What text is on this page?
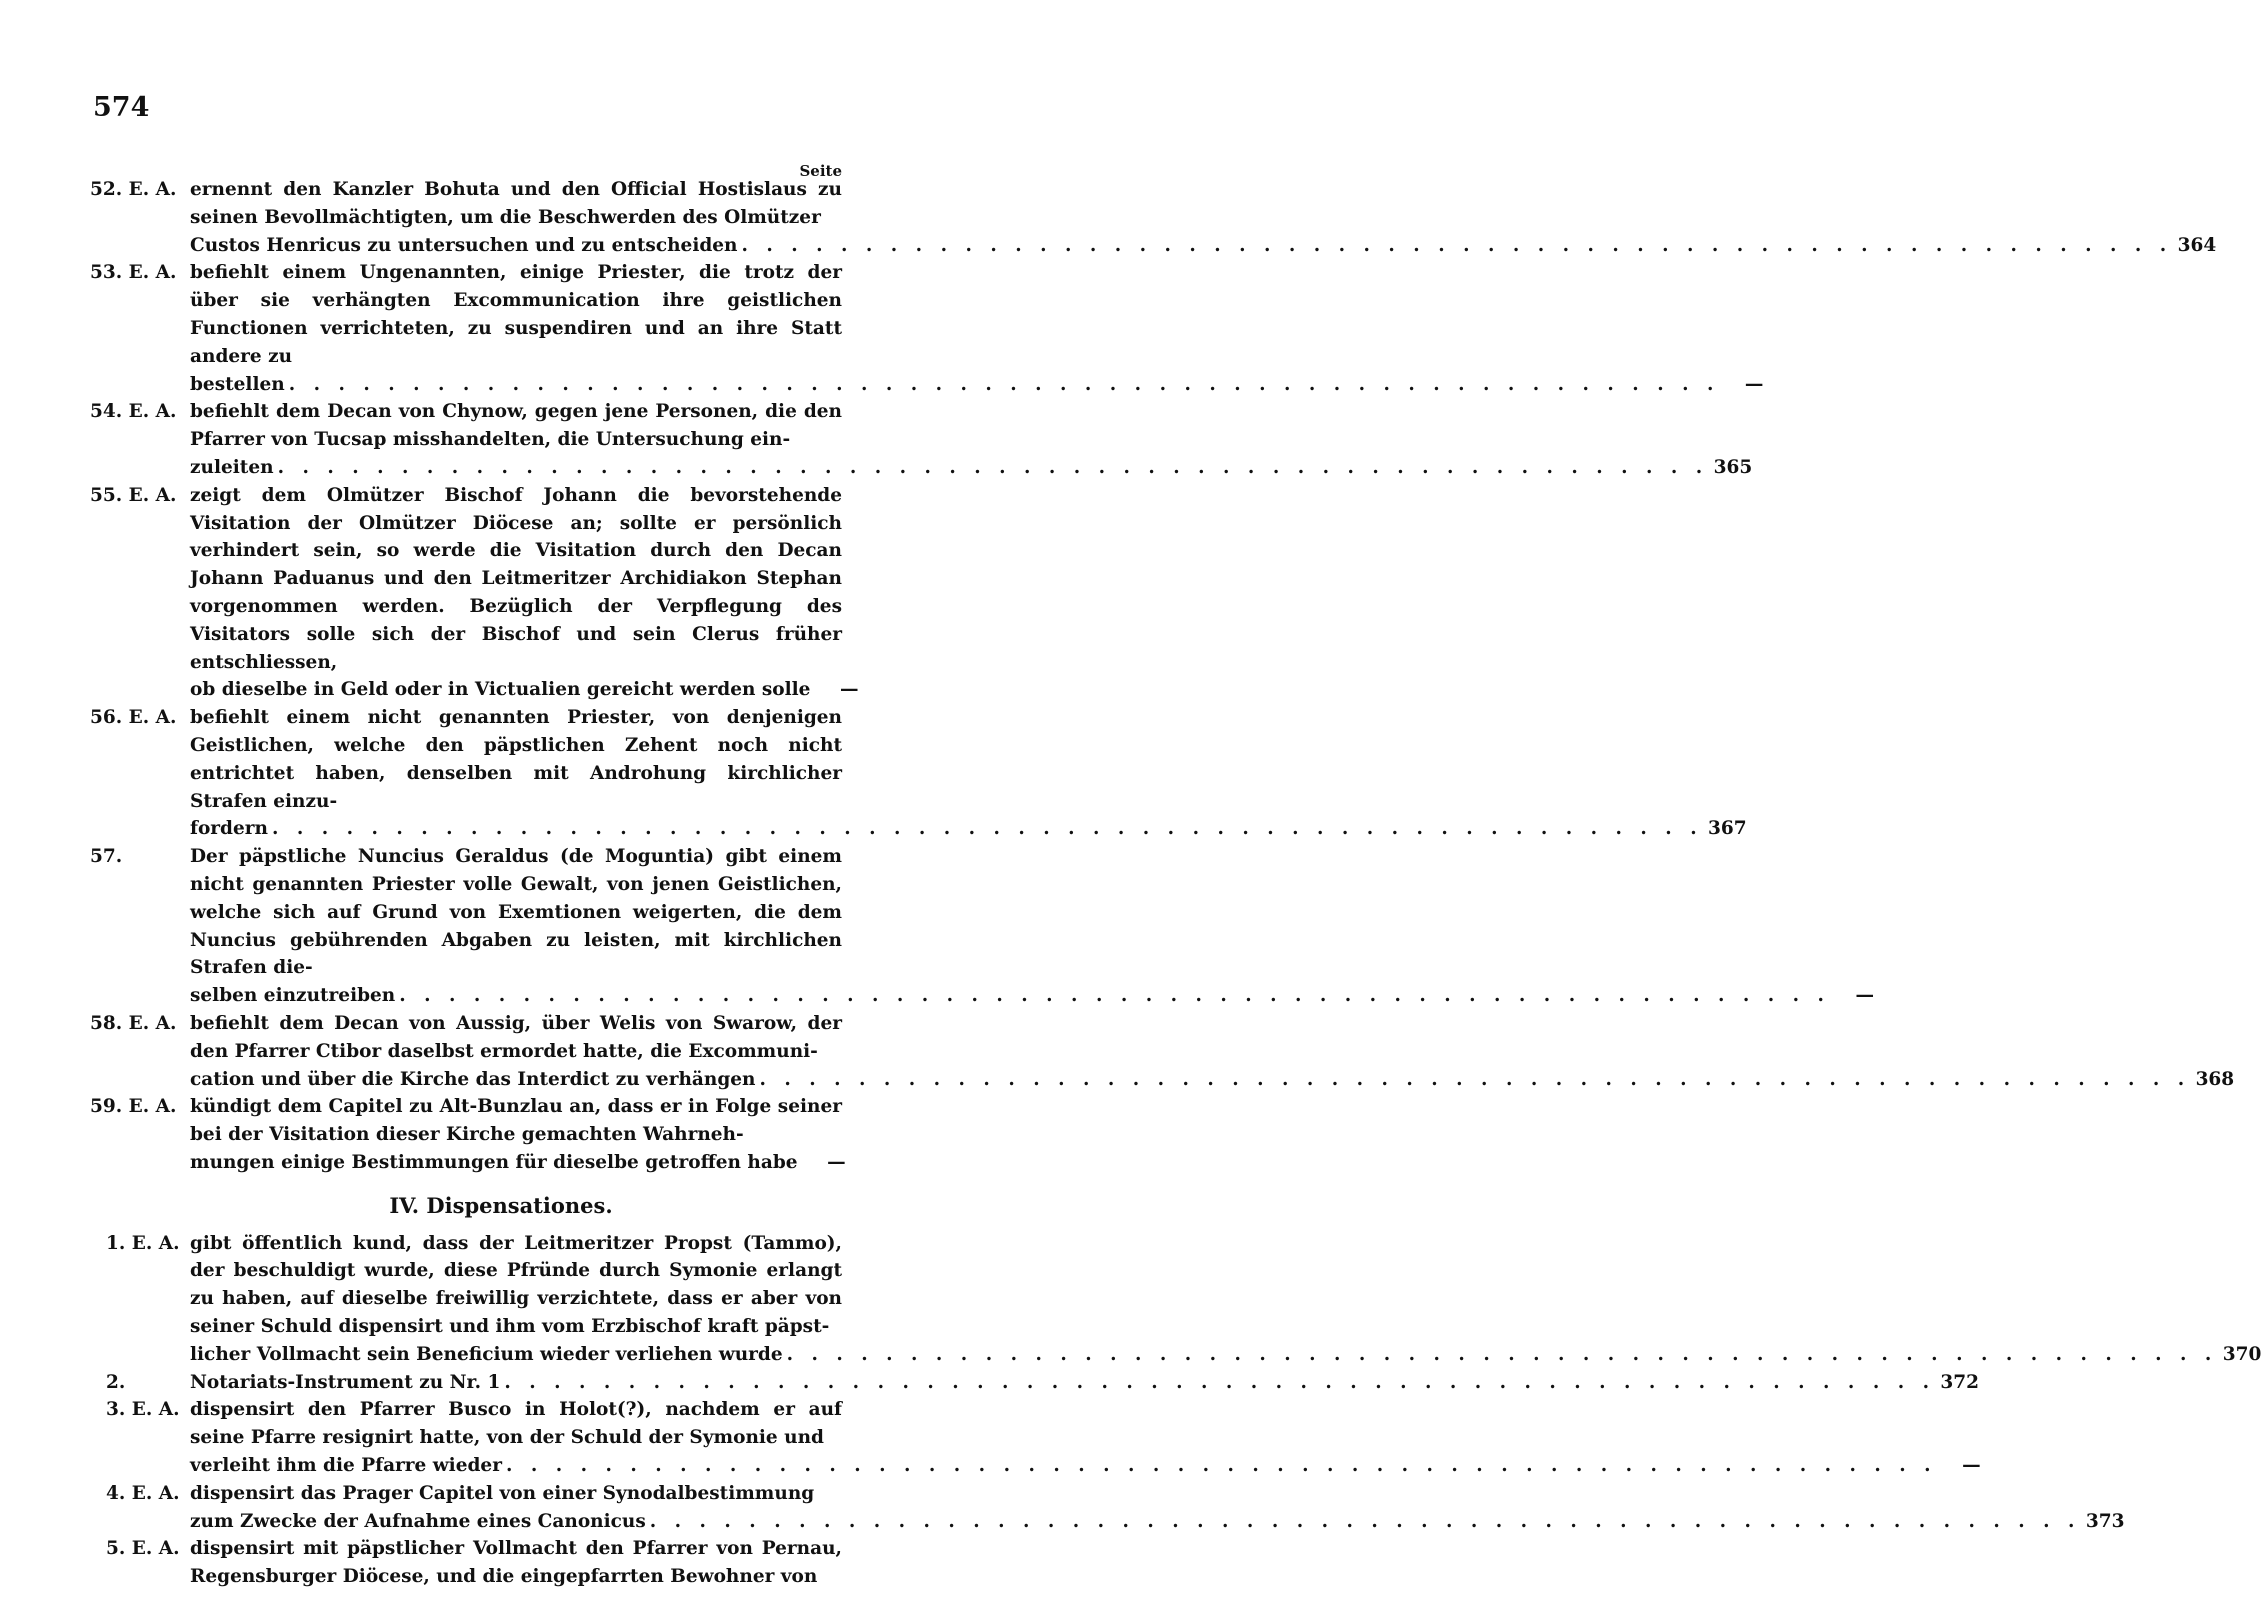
574
Seite
52. E. A. ernennt den Kanzler Bohuta und den Official Hostislaus zu seinen Bevollmächtigten, um die Beschwerden des Olmützer
Custos Henricus zu untersuchen und zu entscheiden . . . . . . . . . . . . . . . . . . . . . . . . . . . . . . . . . . . . . . . . . . . . . . . . . . . . . . . . . . 364
53. E. A. befiehlt einem Ungenannten, einige Priester, die trotz der über sie verhängten Excommunication ihre geistlichen Functionen verrichteten, zu suspendiren und an ihre Statt andere zu
bestellen . . . . . . . . . . . . . . . . . . . . . . . . . . . . . . . . . . . . . . . . . . . . . . . . . . . . . . . . . .	—
54. E. A. befiehlt dem Decan von Chynow, gegen jene Personen, die den Pfarrer von Tucsap misshandelten, die Untersuchung ein-
zuleiten . . . . . . . . . . . . . . . . . . . . . . . . . . . . . . . . . . . . . . . . . . . . . . . . . . . . . . . . . . 365
55. E. A. zeigt dem Olmützer Bischof Johann die bevorstehende Visitation der Olmützer Diöcese an; sollte er persönlich verhindert sein, so werde die Visitation durch den Decan Johann Paduanus und den Leitmeritzer Archidiakon Stephan vorgenommen werden. Bezüglich der Verpflegung des Visitators solle sich der Bischof und sein Clerus früher entschliessen,
ob dieselbe in Geld oder in Victualien gereicht werden solle	—
56. E. A. befiehlt einem nicht genannten Priester, von denjenigen Geistlichen, welche den päpstlichen Zehent noch nicht entrichtet haben, denselben mit Androhung kirchlicher Strafen einzu-
fordern . . . . . . . . . . . . . . . . . . . . . . . . . . . . . . . . . . . . . . . . . . . . . . . . . . . . . . . . . . 367
57.	Der päpstliche Nuncius Geraldus (de Moguntia) gibt einem nicht genannten Priester volle Gewalt, von jenen Geistlichen, welche sich auf Grund von Exemtionen weigerten, die dem Nuncius gebührenden Abgaben zu leisten, mit kirchlichen Strafen die-
selben einzutreiben . . . . . . . . . . . . . . . . . . . . . . . . . . . . . . . . . . . . . . . . . . . . . . . . . . . . . . . . . .	—
58. E. A. befiehlt dem Decan von Aussig, über Welis von Swarow, der den Pfarrer Ctibor daselbst ermordet hatte, die Excommuni-
cation und über die Kirche das Interdict zu verhängen . . . . . . . . . . . . . . . . . . . . . . . . . . . . . . . . . . . . . . . . . . . . . . . . . . . . . . . . . . 368
59. E. A. kündigt dem Capitel zu Alt-Bunzlau an, dass er in Folge seiner bei der Visitation dieser Kirche gemachten Wahrneh-
mungen einige Bestimmungen für dieselbe getroffen habe	—
IV. Dispensationes.
1. E. A. gibt öffentlich kund, dass der Leitmeritzer Propst (Tammo), der beschuldigt wurde, diese Pfründe durch Symonie erlangt zu haben, auf dieselbe freiwillig verzichtete, dass er aber von seiner Schuld dispensirt und ihm vom Erzbischof kraft päpst-
licher Vollmacht sein Beneficium wieder verliehen wurde . . . . . . . . . . . . . . . . . . . . . . . . . . . . . . . . . . . . . . . . . . . . . . . . . . . . . . . . . . 370
2.	Notariats-Instrument zu Nr. 1 . . . . . . . . . . . . . . . . . . . . . . . . . . . . . . . . . . . . . . . . . . . . . . . . . . . . . . . . . . 372
3. E. A. dispensirt den Pfarrer Busco in Holot(?), nachdem er auf seine Pfarre resignirt hatte, von der Schuld der Symonie und
verleiht ihm die Pfarre wieder . . . . . . . . . . . . . . . . . . . . . . . . . . . . . . . . . . . . . . . . . . . . . . . . . . . . . . . . . .	—
4. E. A. dispensirt das Prager Capitel von einer Synodalbestimmung
zum Zwecke der Aufnahme eines Canonicus . . . . . . . . . . . . . . . . . . . . . . . . . . . . . . . . . . . . . . . . . . . . . . . . . . . . . . . . . . 373
5. E. A. dispensirt mit päpstlicher Vollmacht den Pfarrer von Pernau, Regensburger Diöcese, und die eingepfarrten Bewohner von
